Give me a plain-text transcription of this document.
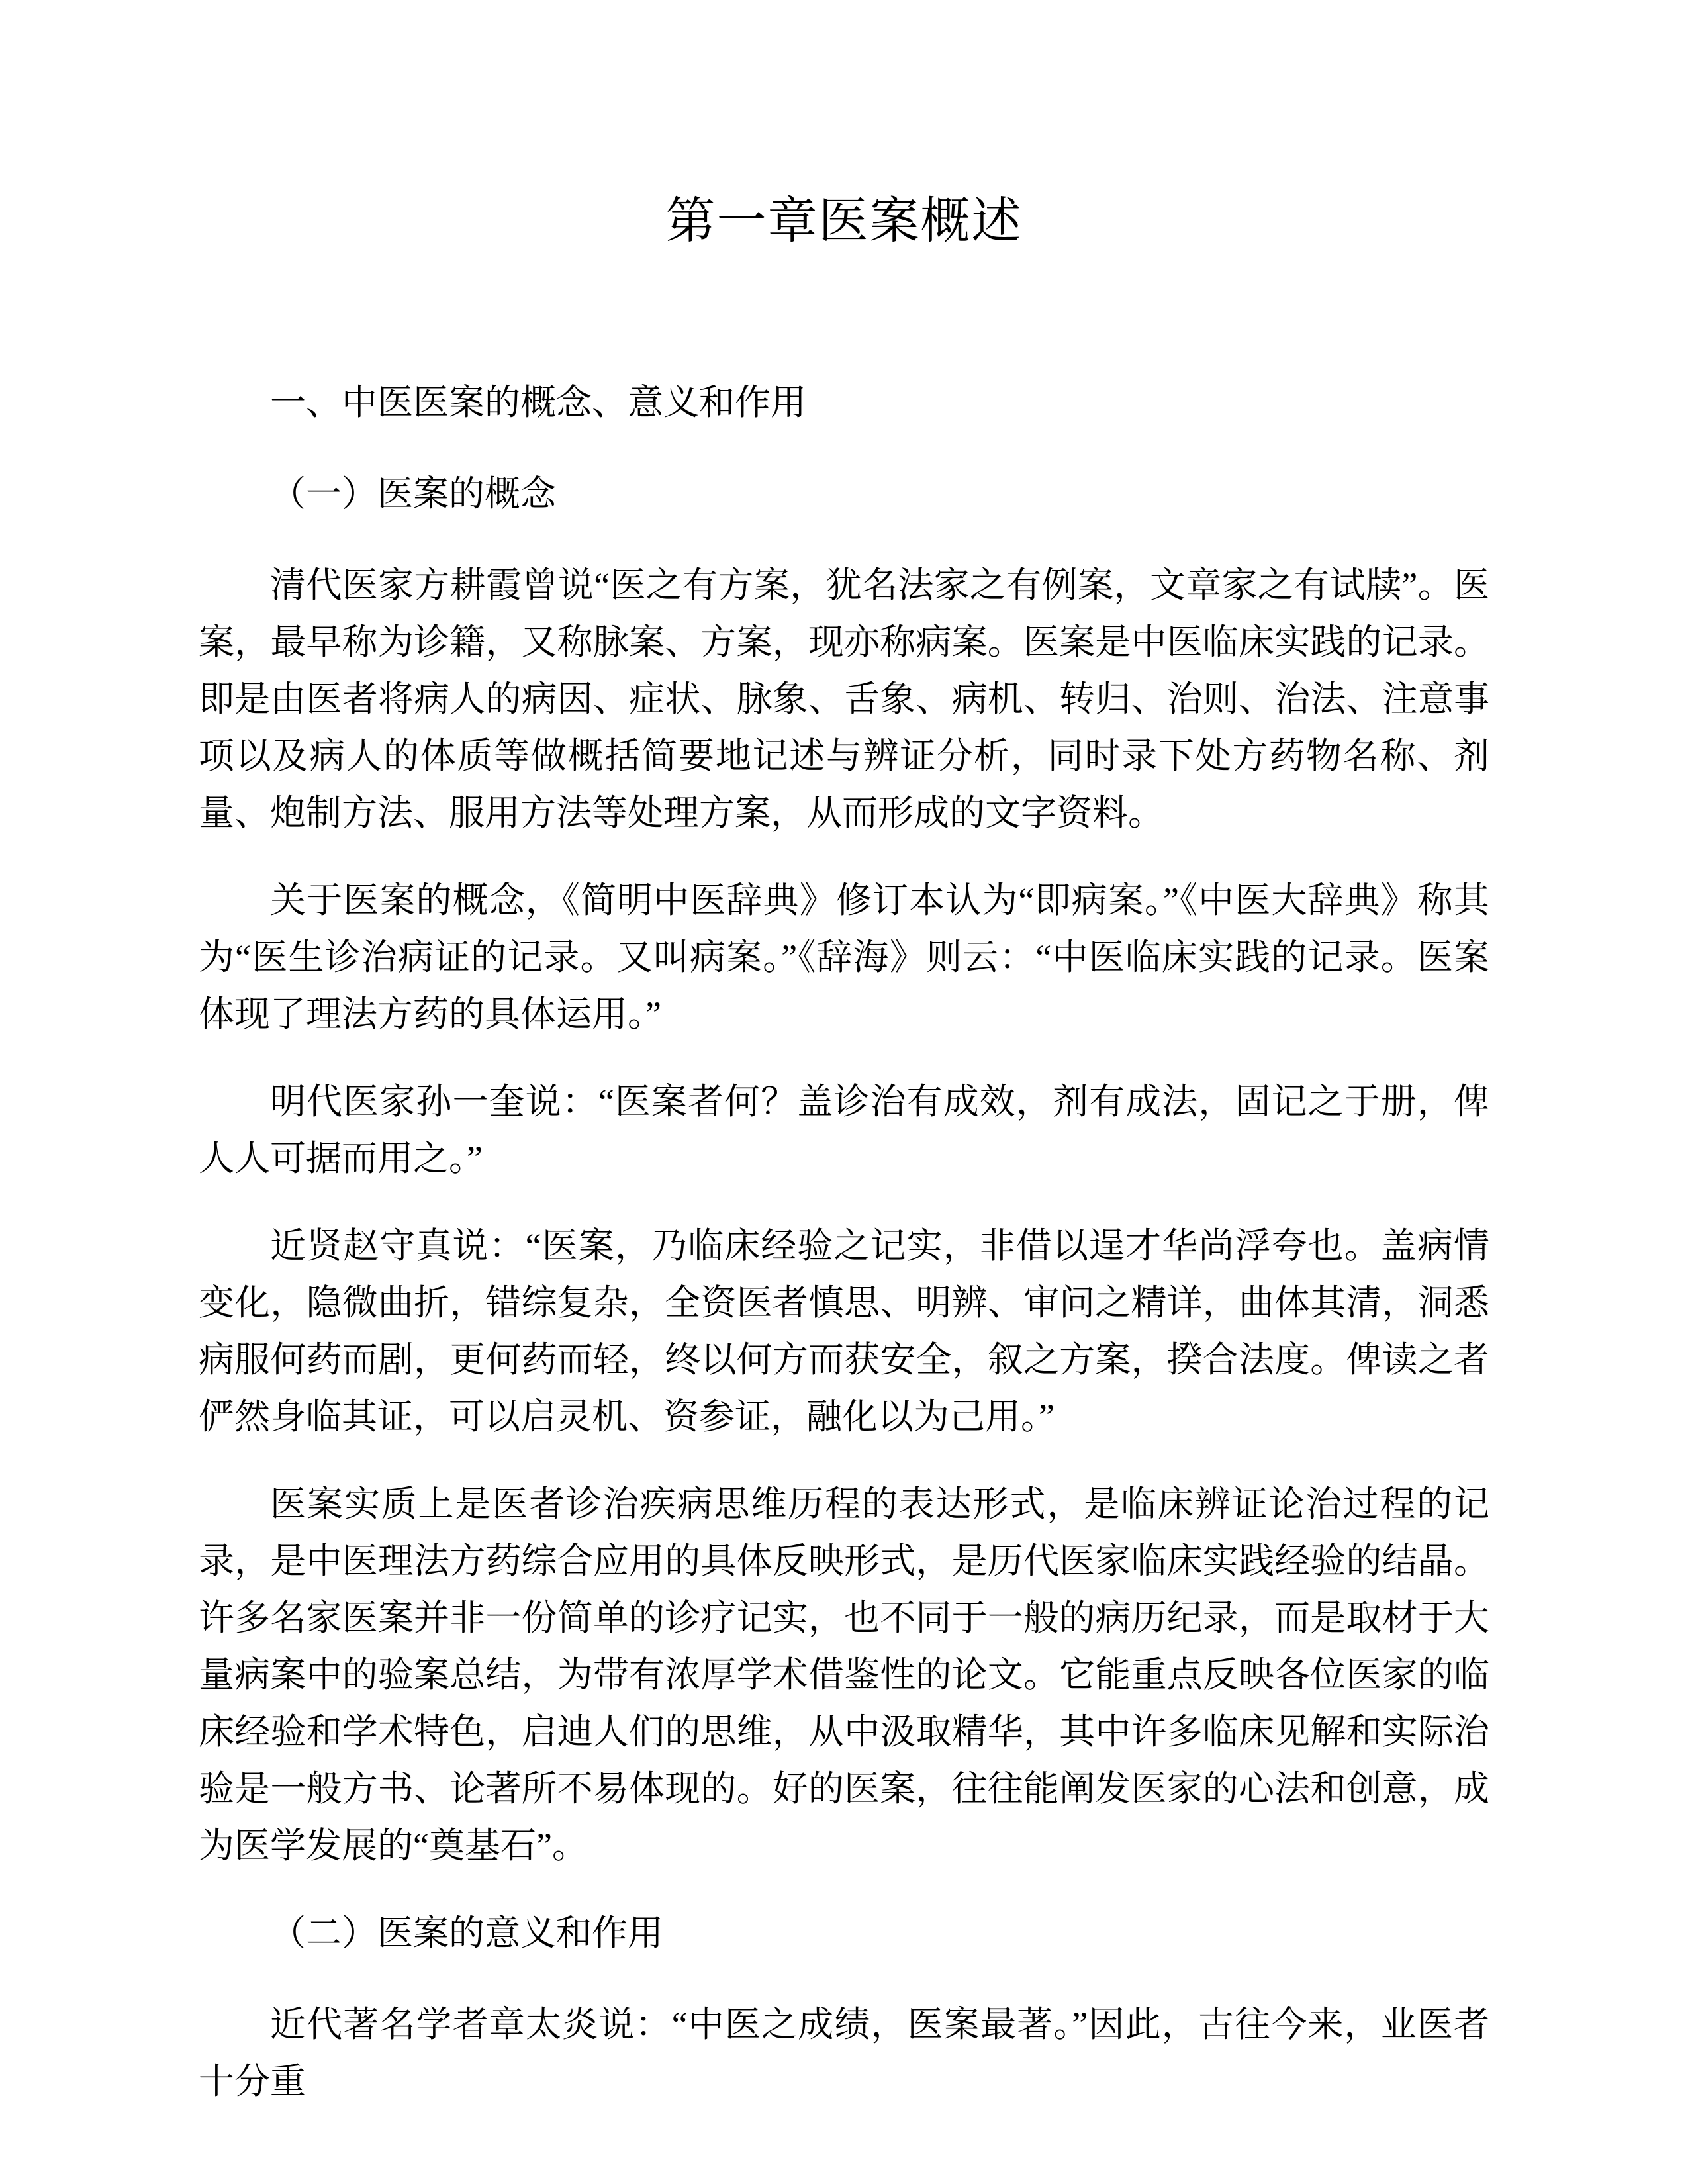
第一章医案概述
一、中医医案的概念、意义和作用
（一）医案的概念

清代医家方耕霞曾说“医之有方案，犹名法家之有例案，文章家之有试牍”。医案，最早称为诊籍，又称脉案、方案，现亦称病案。医案是中医临床实践的记录。即是由医者将病人的病因、症状、脉象、舌象、病机、转归、治则、治法、注意事项以及病人的体质等做概括简要地记述与辨证分析，同时录下处方药物名称、剂量、炮制方法、服用方法等处理方案，从而形成的文字资料。

关于医案的概念，《简明中医辞典》修订本认为“即病案。”《中医大辞典》称其为“医生诊治病证的记录。又叫病案。”《辞海》则云：“中医临床实践的记录。医案体现了理法方药的具体运用。”

明代医家孙一奎说：“医案者何？盖诊治有成效，剂有成法，固记之于册，俾人人可据而用之。”

近贤赵守真说：“医案，乃临床经验之记实，非借以逞才华尚浮夸也。盖病情变化，隐微曲折，错综复杂，全资医者慎思、明辨、审问之精详，曲体其清，洞悉病服何药而剧，更何药而轻，终以何方而获安全，叙之方案，揆合法度。俾读之者俨然身临其证，可以启灵机、资参证，融化以为己用。”

医案实质上是医者诊治疾病思维历程的表达形式，是临床辨证论治过程的记录，是中医理法方药综合应用的具体反映形式，是历代医家临床实践经验的结晶。许多名家医案并非一份简单的诊疗记实，也不同于一般的病历纪录，而是取材于大量病案中的验案总结，为带有浓厚学术借鉴性的论文。它能重点反映各位医家的临床经验和学术特色，启迪人们的思维，从中汲取精华，其中许多临床见解和实际治验是一般方书、论著所不易体现的。好的医案，往往能阐发医家的心法和创意，成为医学发展的“奠基石”。

（二）医案的意义和作用

近代著名学者章太炎说：“中医之成绩，医案最著。”因此，古往今来，业医者十分重
